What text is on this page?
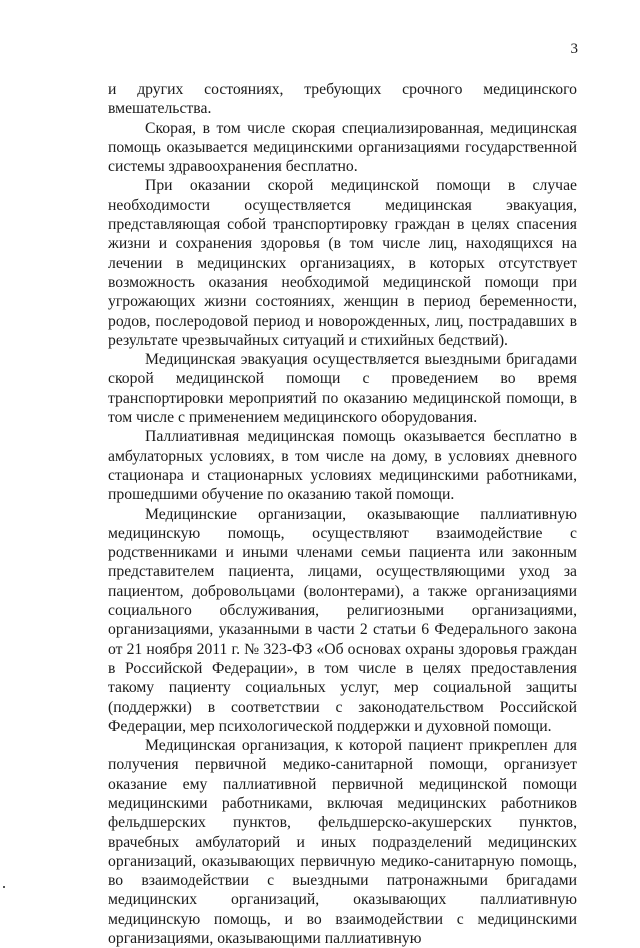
3

и других состояниях, требующих срочного медицинского вмешательства.

Скорая, в том числе скорая специализированная, медицинская помощь оказывается медицинскими организациями государственной системы здравоохранения бесплатно.

При оказании скорой медицинской помощи в случае необходимости осуществляется медицинская эвакуация, представляющая собой транспортировку граждан в целях спасения жизни и сохранения здоровья (в том числе лиц, находящихся на лечении в медицинских организациях, в которых отсутствует возможность оказания необходимой медицинской помощи при угрожающих жизни состояниях, женщин в период беременности, родов, послеродовой период и новорожденных, лиц, пострадавших в результате чрезвычайных ситуаций и стихийных бедствий).

Медицинская эвакуация осуществляется выездными бригадами скорой медицинской помощи с проведением во время транспортировки мероприятий по оказанию медицинской помощи, в том числе с применением медицинского оборудования.

Паллиативная медицинская помощь оказывается бесплатно в амбулаторных условиях, в том числе на дому, в условиях дневного стационара и стационарных условиях медицинскими работниками, прошедшими обучение по оказанию такой помощи.

Медицинские организации, оказывающие паллиативную медицинскую помощь, осуществляют взаимодействие с родственниками и иными членами семьи пациента или законным представителем пациента, лицами, осуществляющими уход за пациентом, добровольцами (волонтерами), а также организациями социального обслуживания, религиозными организациями, организациями, указанными в части 2 статьи 6 Федерального закона от 21 ноября 2011 г. № 323-ФЗ «Об основах охраны здоровья граждан в Российской Федерации», в том числе в целях предоставления такому пациенту социальных услуг, мер социальной защиты (поддержки) в соответствии с законодательством Российской Федерации, мер психологической поддержки и духовной помощи.

Медицинская организация, к которой пациент прикреплен для получения первичной медико-санитарной помощи, организует оказание ему паллиативной первичной медицинской помощи медицинскими работниками, включая медицинских работников фельдшерских пунктов, фельдшерско-акушерских пунктов, врачебных амбулаторий и иных подразделений медицинских организаций, оказывающих первичную медико-санитарную помощь, во взаимодействии с выездными патронажными бригадами медицинских организаций, оказывающих паллиативную медицинскую помощь, и во взаимодействии с медицинскими организациями, оказывающими паллиативную
